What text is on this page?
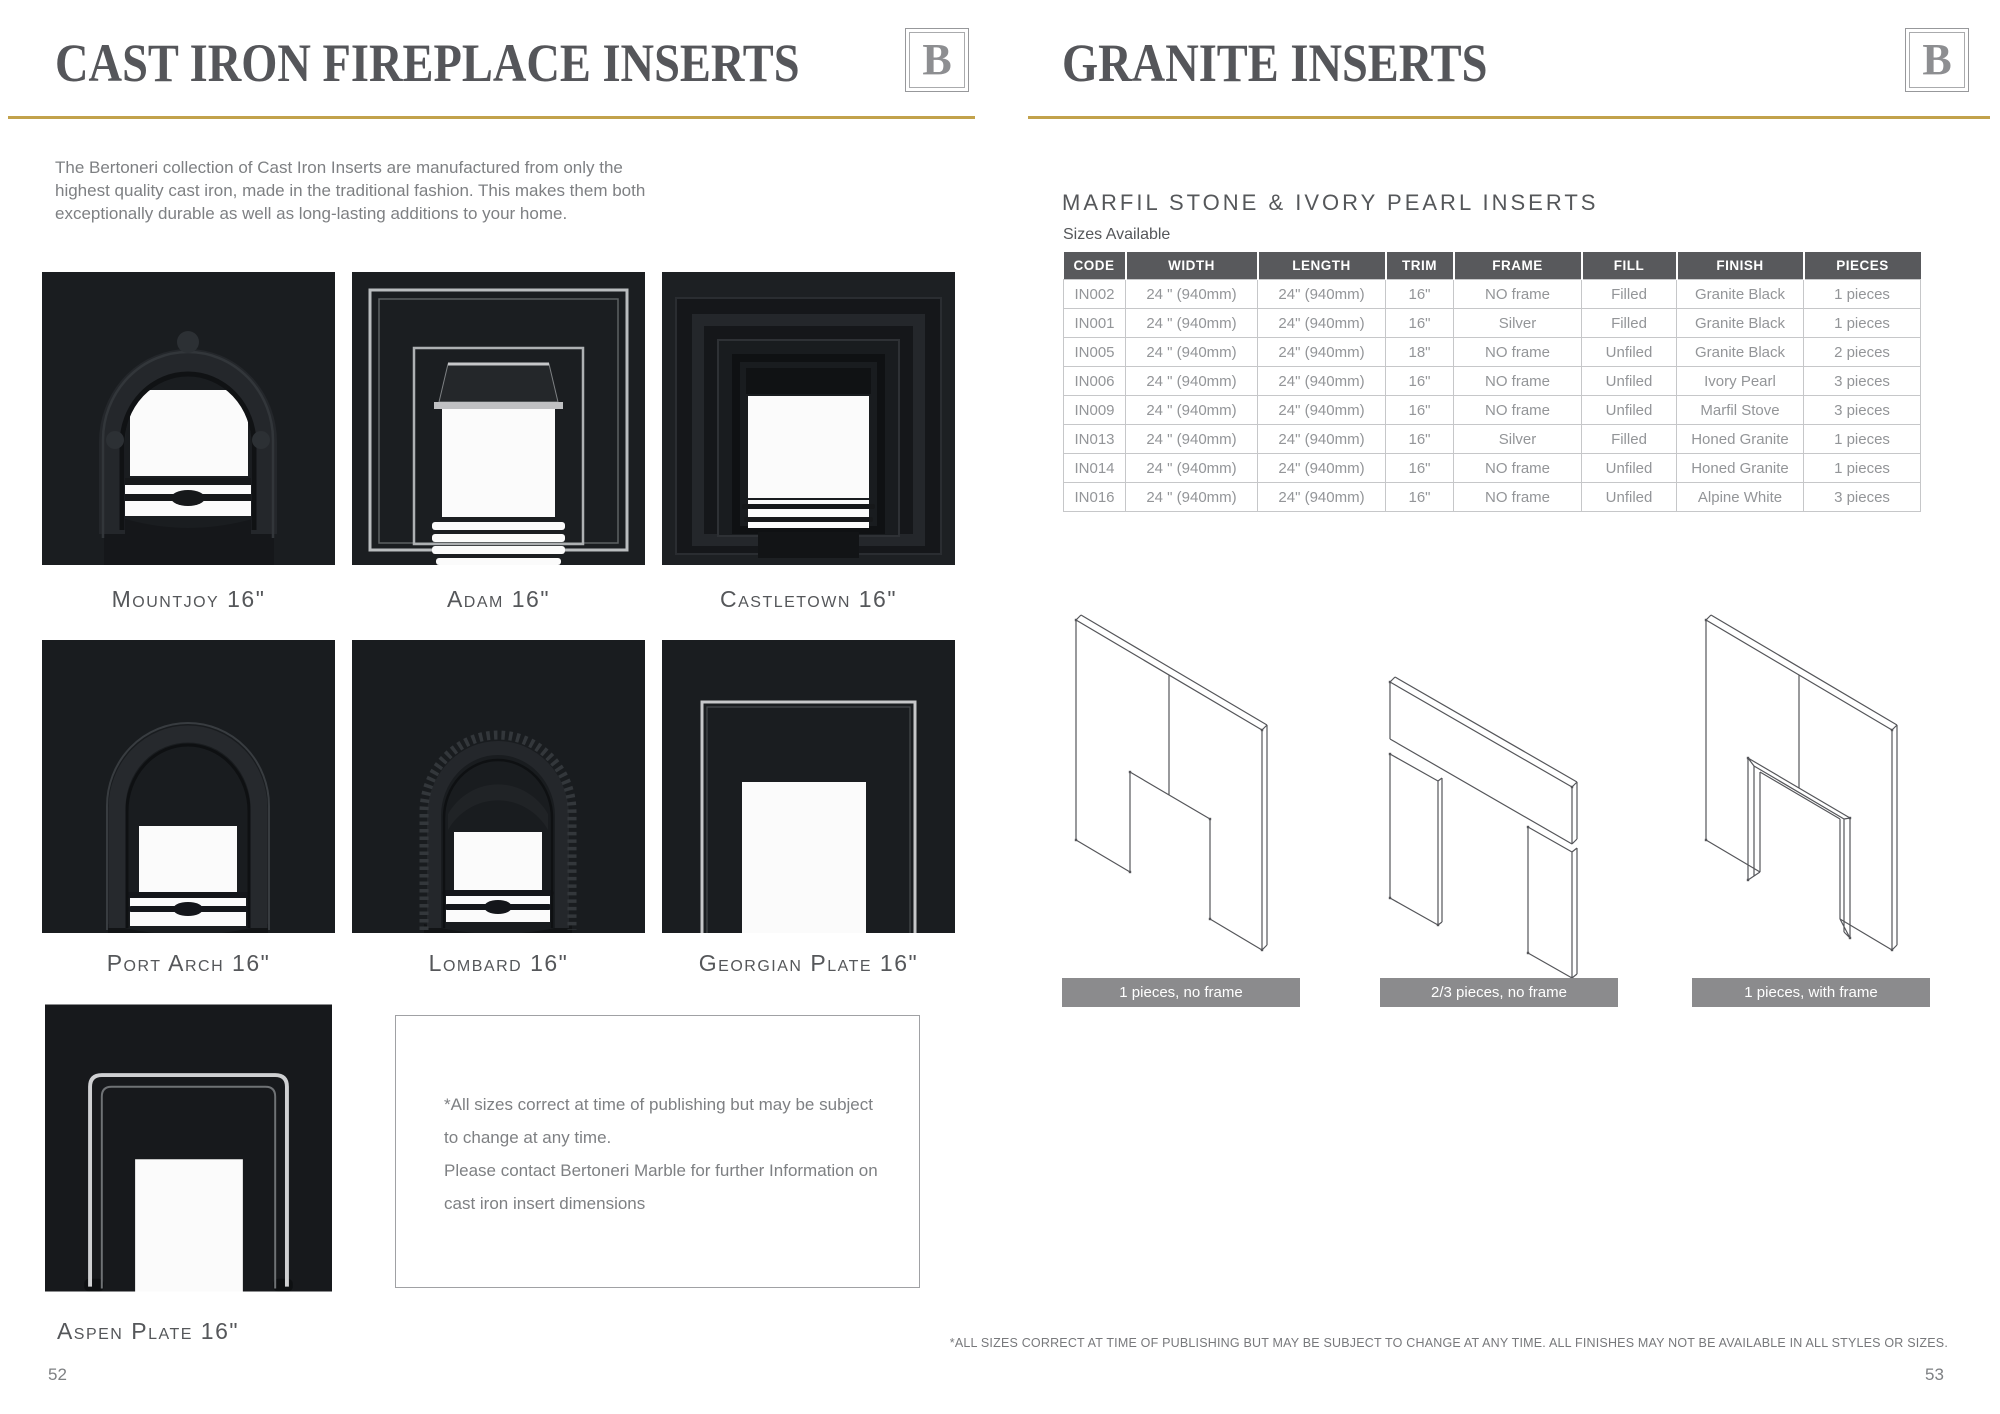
CAST IRON FIREPLACE INSERTS	B
The Bertoneri collection of Cast Iron Inserts are manufactured from only the
highest quality cast iron, made in the traditional fashion. This makes them both
exceptionally durable as well as long-lasting additions to your home.
Mountjoy 16"	Adam 16"	Castletown 16"
Port Arch 16"	Lombard 16"	Georgian Plate 16"
Aspen Plate 16"
*All sizes correct at time of publishing but may be subject
to change at any time.
Please contact Bertoneri Marble for further Information on
cast iron insert dimensions
52
GRANITE INSERTS	B
MARFIL STONE & IVORY PEARL INSERTS
Sizes Available
CODE	WIDTH	LENGTH	TRIM	FRAME	FILL	FINISH	PIECES
IN002	24 " (940mm)	24" (940mm)	16"	NO frame	Filled	Granite Black	1 pieces
IN001	24 " (940mm)	24" (940mm)	16"	Silver	Filled	Granite Black	1 pieces
IN005	24 " (940mm)	24" (940mm)	18"	NO frame	Unfiled	Granite Black	2 pieces
IN006	24 " (940mm)	24" (940mm)	16"	NO frame	Unfiled	Ivory Pearl	3 pieces
IN009	24 " (940mm)	24" (940mm)	16"	NO frame	Unfiled	Marfil Stove	3 pieces
IN013	24 " (940mm)	24" (940mm)	16"	Silver	Filled	Honed Granite	1 pieces
IN014	24 " (940mm)	24" (940mm)	16"	NO frame	Unfiled	Honed Granite	1 pieces
IN016	24 " (940mm)	24" (940mm)	16"	NO frame	Unfiled	Alpine White	3 pieces
1 pieces, no frame	2/3 pieces, no frame	1 pieces, with frame
*ALL SIZES CORRECT AT TIME OF PUBLISHING BUT MAY BE SUBJECT TO CHANGE AT ANY TIME. ALL FINISHES MAY NOT BE AVAILABLE IN ALL STYLES OR SIZES.
53
